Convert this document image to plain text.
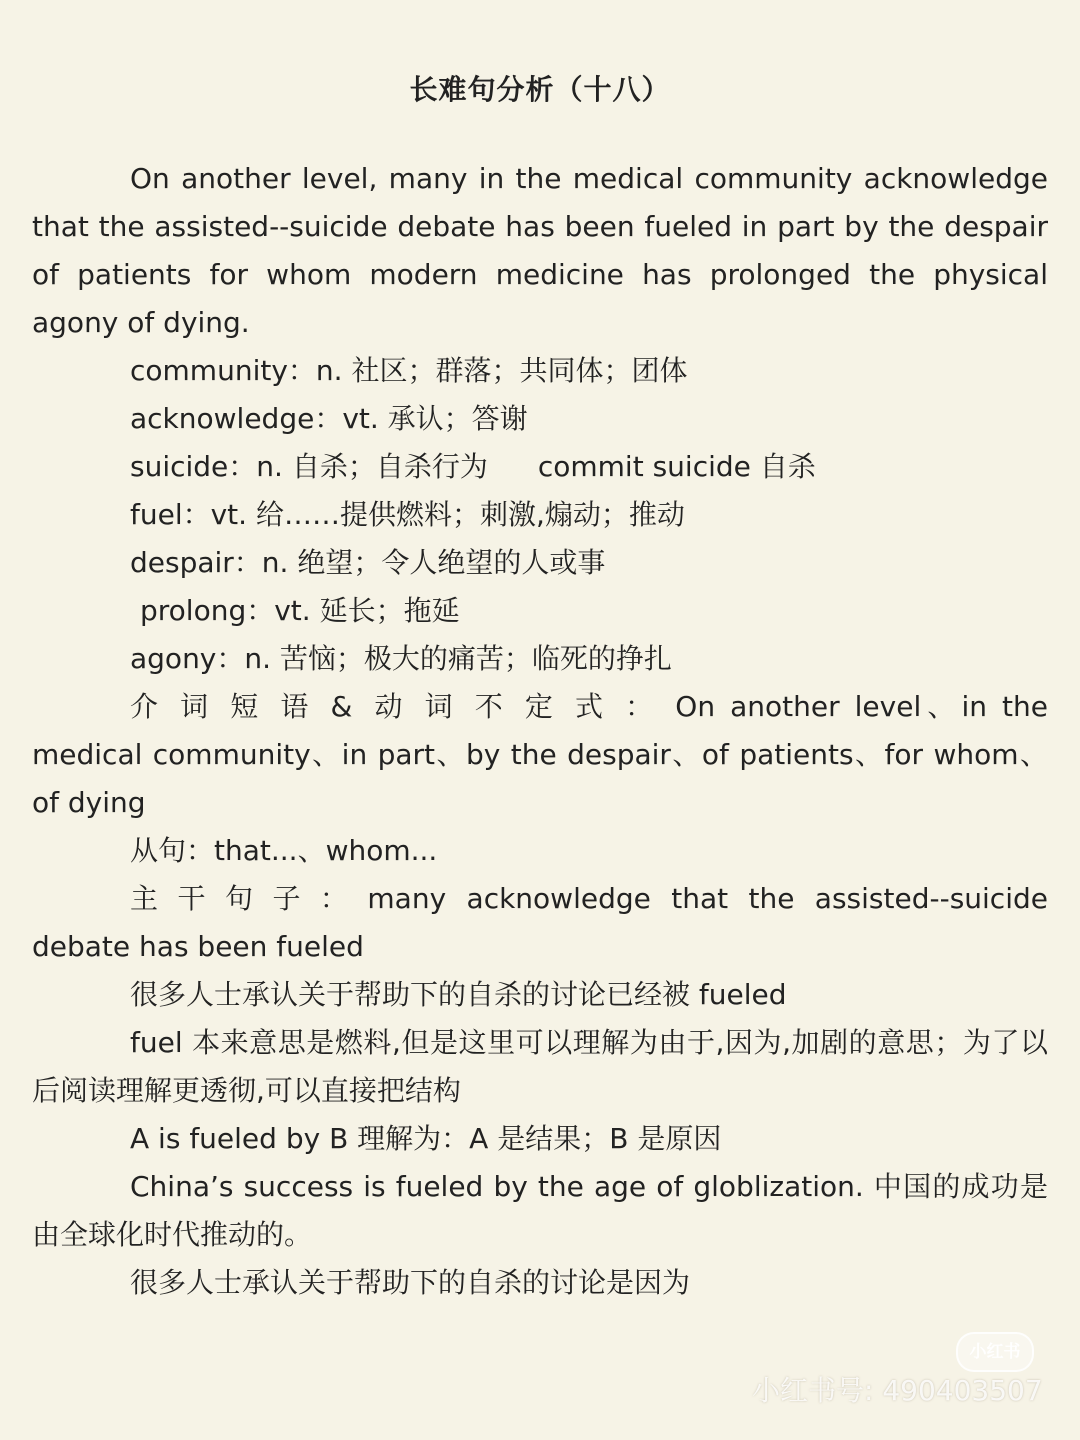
长难句分析（十八）

On another level, many in the medical community acknowledge that the assisted--suicide debate has been fueled in part by the despair of patients for whom modern medicine has prolonged the physical agony of dying.

community：n. 社区；群落；共同体；团体

acknowledge：vt. 承认；答谢

suicide：n. 自杀；自杀行为 commit suicide 自杀

fuel：vt. 给……提供燃料；刺激,煽动；推动

despair：n. 绝望；令人绝望的人或事

prolong：vt. 延长；拖延

agony：n. 苦恼；极大的痛苦；临死的挣扎

介词短语&动词不定式：On another level、in the medical community、in part、by the despair、of patients、for whom、of dying

从句：that...、whom...

主干句子：many acknowledge that the assisted--suicide debate has been fueled

很多人士承认关于帮助下的自杀的讨论已经被 fueled

fuel 本来意思是燃料,但是这里可以理解为由于,因为,加剧的意思；为了以后阅读理解更透彻,可以直接把结构

A is fueled by B 理解为：A 是结果；B 是原因

China’s success is fueled by the age of globlization. 中国的成功是由全球化时代推动的。

很多人士承认关于帮助下的自杀的讨论是因为

小红书
小红书号: 490403507
